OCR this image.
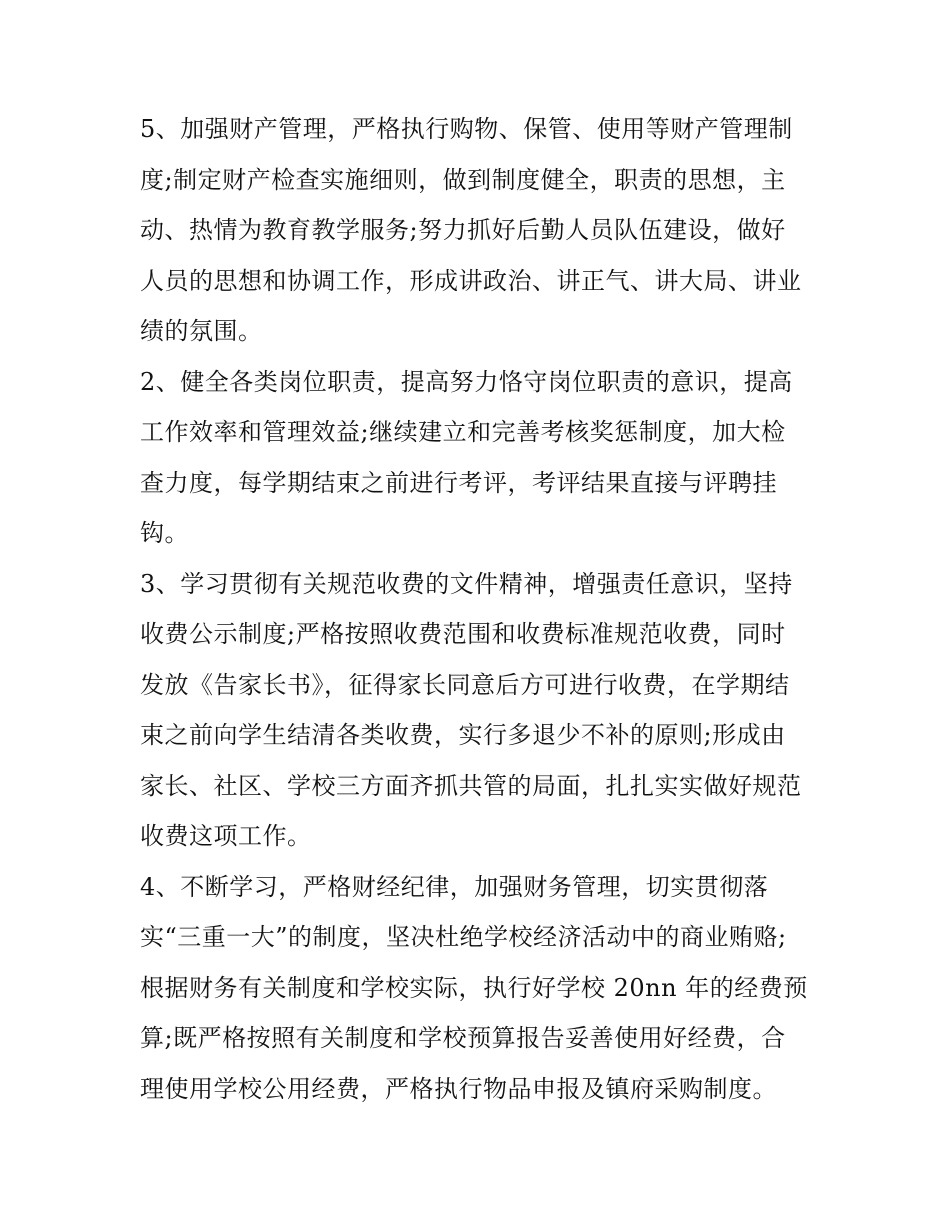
5、加强财产管理，严格执行购物、保管、使用等财产管理制
度;制定财产检查实施细则，做到制度健全，职责的思想，主
动、热情为教育教学服务;努力抓好后勤人员队伍建设，做好
人员的思想和协调工作，形成讲政治、讲正气、讲大局、讲业
绩的氛围。

2、健全各类岗位职责，提高努力恪守岗位职责的意识，提高
工作效率和管理效益;继续建立和完善考核奖惩制度，加大检
查力度，每学期结束之前进行考评，考评结果直接与评聘挂
钩。

3、学习贯彻有关规范收费的文件精神，增强责任意识，坚持
收费公示制度;严格按照收费范围和收费标准规范收费，同时
发放《告家长书》，征得家长同意后方可进行收费，在学期结
束之前向学生结清各类收费，实行多退少不补的原则;形成由
家长、社区、学校三方面齐抓共管的局面，扎扎实实做好规范
收费这项工作。

4、不断学习，严格财经纪律，加强财务管理，切实贯彻落
实“三重一大”的制度，坚决杜绝学校经济活动中的商业贿赂;
根据财务有关制度和学校实际，执行好学校 20nn 年的经费预
算;既严格按照有关制度和学校预算报告妥善使用好经费，合
理使用学校公用经费，严格执行物品申报及镇府采购制度。
